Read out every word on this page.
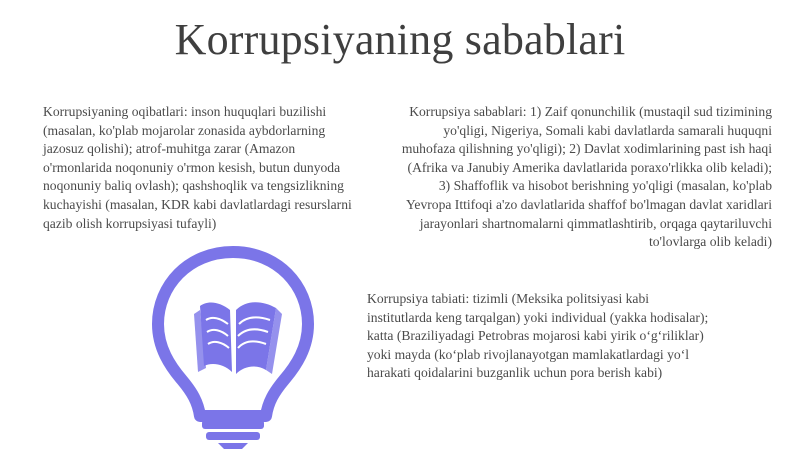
Korrupsiyaning sabablari
Korrupsiyaning oqibatlari: inson huquqlari buzilishi (masalan, ko'plab mojarolar zonasida aybdorlarning jazosuz qolishi); atrof-muhitga zarar (Amazon o'rmonlarida noqonuniy o'rmon kesish, butun dunyoda noqonuniy baliq ovlash); qashshoqlik va tengsizlikning kuchayishi (masalan, KDR kabi davlatlardagi resurslarni qazib olish korrupsiyasi tufayli)
Korrupsiya sabablari: 1) Zaif qonunchilik (mustaqil sud tizimining yo'qligi, Nigeriya, Somali kabi davlatlarda samarali huquqni muhofaza qilishning yo'qligi); 2) Davlat xodimlarining past ish haqi (Afrika va Janubiy Amerika davlatlarida poraxo'rlikka olib keladi); 3) Shaffoflik va hisobot berishning yo'qligi (masalan, ko'plab Yevropa Ittifoqi a'zo davlatlarida shaffof bo'lmagan davlat xaridlari jarayonlari shartnomalarni qimmatlashtirib, orqaga qaytariluvchi to'lovlarga olib keladi)
Korrupsiya tabiati: tizimli (Meksika politsiyasi kabi institutlarda keng tarqalgan) yoki individual (yakka hodisalar); katta (Braziliyadagi Petrobras mojarosi kabi yirik oʻgʻriliklar) yoki mayda (koʻplab rivojlanayotgan mamlakatlardagi yoʻl harakati qoidalarini buzganlik uchun pora berish kabi)
